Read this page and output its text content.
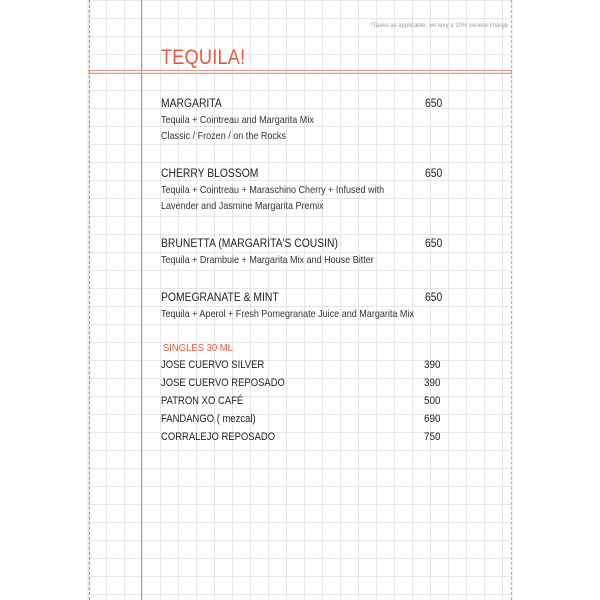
*Taxes as applicable, we levy a 10% service charge
TEQUILA!
MARGARITA	650
Tequila + Cointreau and Margarita Mix
Classic / Frozen / on the Rocks
CHERRY BLOSSOM	650
Tequila + Cointreau + Maraschino Cherry + Infused with
Lavender and Jasmine Margarita Premix
BRUNETTA (MARGARITA'S COUSIN)	650
Tequila + Drambuie + Margarita Mix and House Bitter
POMEGRANATE & MINT	650
Tequila + Aperol + Fresh Pomegranate Juice and Margarita Mix
SINGLES 30 ML
JOSE CUERVO SILVER	390
JOSE CUERVO REPOSADO	390
PATRON XO CAFÉ	500
FANDANGO ( mezcal)	690
CORRALEJO REPOSADO	750
